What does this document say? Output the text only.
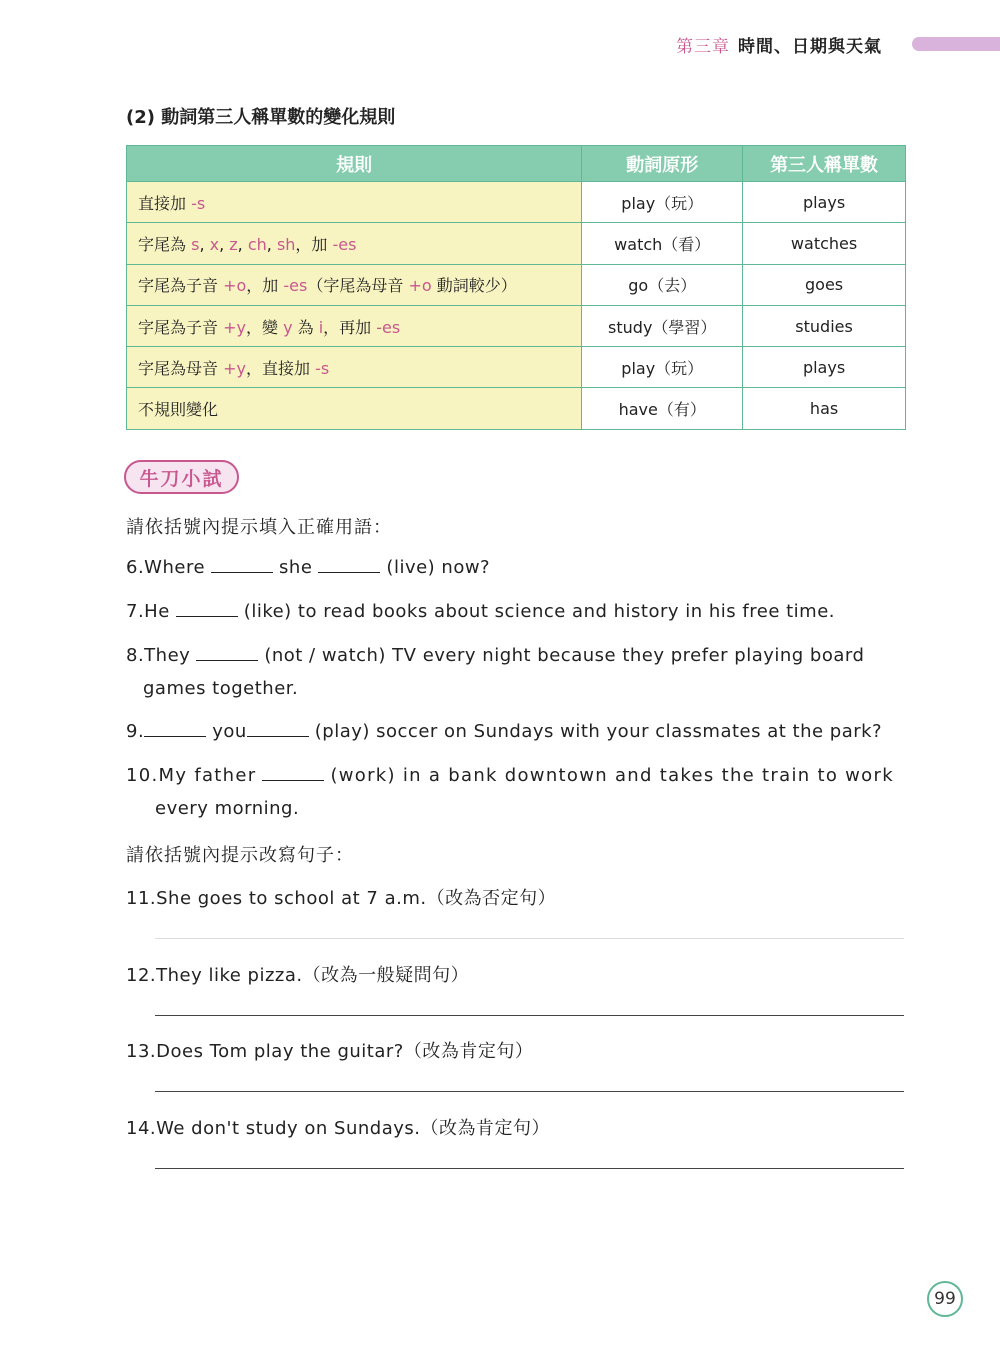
第三章 時間、日期與天氣
(2) 動詞第三人稱單數的變化規則
規則	動詞原形	第三人稱單數
直接加 -s	play（玩）	plays
字尾為 s, x, z, ch, sh，加 -es	watch（看）	watches
字尾為子音 +o，加 -es（字尾為母音 +o 動詞較少）	go（去）	goes
字尾為子音 +y，變 y 為 i，再加 -es	study（學習）	studies
字尾為母音 +y，直接加 -s	play（玩）	plays
不規則變化	have（有）	has
牛刀小試
請依括號內提示填入正確用語：
6.Where	she	(live) now?
7.He	(like) to read books about science and history in his free time.
8.They	(not / watch) TV every night because they prefer playing board
games together.
9.	you	(play) soccer on Sundays with your classmates at the park?
10.My father	(work) in a bank downtown and takes the train to work
every morning.
請依括號內提示改寫句子：
11.She goes to school at 7 a.m.（改為否定句）
12.They like pizza.（改為一般疑問句）
13.Does Tom play the guitar?（改為肯定句）
14.We don't study on Sundays.（改為肯定句）
99
